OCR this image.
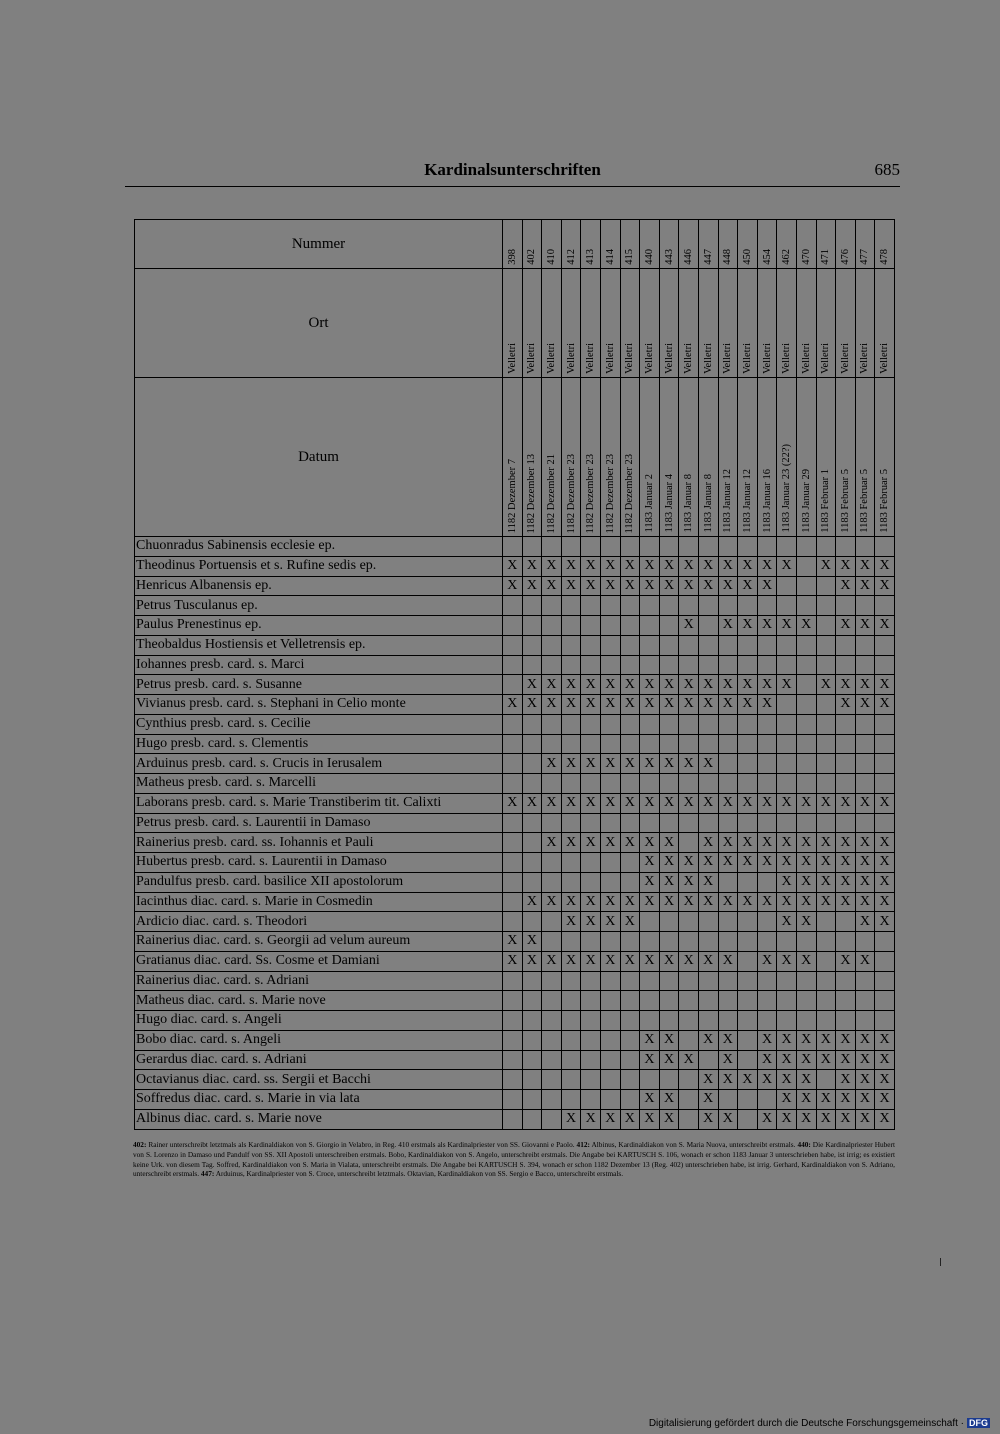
Kardinalsunterschriften	685
Nummer	398	402	410	412	413	414	415	440	443	446	447	448	450	454	462	470	471	476	477	478

Ort	Velletri	Velletri	Velletri	Velletri	Velletri	Velletri	Velletri	Velletri	Velletri	Velletri	Velletri	Velletri	Velletri	Velletri	Velletri	Velletri	Velletri	Velletri	Velletri	Velletri

Datum	1182 Dezember 7	1182 Dezember 13	1182 Dezember 21	1182 Dezember 23	1182 Dezember 23	1182 Dezember 23	1182 Dezember 23	1183 Januar 2	1183 Januar 4	1183 Januar 8	1183 Januar 8	1183 Januar 12	1183 Januar 12	1183 Januar 16	1183 Januar 23 (22?)	1183 Januar 29	1183 Februar 1	1183 Februar 5	1183 Februar 5	1183 Februar 5

Chuonradus Sabinensis ecclesie ep.																				
Theodinus Portuensis et s. Rufine sedis ep.	X	X	X	X	X	X	X	X	X	X	X	X	X	X	X		X	X	X	X
Henricus Albanensis ep.	X	X	X	X	X	X	X	X	X	X	X	X	X	X				X	X	X
Petrus Tusculanus ep.																				
Paulus Prenestinus ep.										X		X	X	X	X	X		X	X	X
Theobaldus Hostiensis et Velletrensis ep.																				
Iohannes presb. card. s. Marci																				
Petrus presb. card. s. Susanne		X	X	X	X	X	X	X	X	X	X	X	X	X	X		X	X	X	X
Vivianus presb. card. s. Stephani in Celio monte	X	X	X	X	X	X	X	X	X	X	X	X	X	X				X	X	X
Cynthius presb. card. s. Cecilie																				
Hugo presb. card. s. Clementis																				
Arduinus presb. card. s. Crucis in Ierusalem			X	X	X	X	X	X	X	X	X									
Matheus presb. card. s. Marcelli																				
Laborans presb. card. s. Marie Transtiberim tit. Calixti	X	X	X	X	X	X	X	X	X	X	X	X	X	X	X	X	X	X	X	X
Petrus presb. card. s. Laurentii in Damaso																				
Rainerius presb. card. ss. Iohannis et Pauli			X	X	X	X	X	X	X		X	X	X	X	X	X	X	X	X	X
Hubertus presb. card. s. Laurentii in Damaso								X	X	X	X	X	X	X	X	X	X	X	X	X
Pandulfus presb. card. basilice XII apostolorum								X	X	X	X				X	X	X	X	X	X
Iacinthus diac. card. s. Marie in Cosmedin		X	X	X	X	X	X	X	X	X	X	X	X	X	X	X	X	X	X	X
Ardicio diac. card. s. Theodori				X	X	X	X								X	X			X	X
Rainerius diac. card. s. Georgii ad velum aureum	X	X																		
Gratianus diac. card. Ss. Cosme et Damiani	X	X	X	X	X	X	X	X	X	X	X	X		X	X	X		X	X	
Rainerius diac. card. s. Adriani																				
Matheus diac. card. s. Marie nove																				
Hugo diac. card. s. Angeli																				
Bobo diac. card. s. Angeli								X	X		X	X		X	X	X	X	X	X	X
Gerardus diac. card. s. Adriani								X	X	X		X		X	X	X	X	X	X	X
Octavianus diac. card. ss. Sergii et Bacchi											X	X	X	X	X	X		X	X	X
Soffredus diac. card. s. Marie in via lata								X	X		X				X	X	X	X	X	X
Albinus diac. card. s. Marie nove				X	X	X	X	X	X		X	X		X	X	X	X	X	X	X
402: Rainer unterschreibt letztmals als Kardinaldiakon von S. Giorgio in Velabro, in Reg. 410 erstmals als Kardinalpriester von SS. Giovanni e Paolo. 412: Albinus, Kardinaldiakon von S. Maria Nuova, unterschreibt erstmals. 440: Die Kardinalpriester Hubert von S. Lorenzo in Damaso und Pandulf von SS. XII Apostoli unterschreiben erstmals. Bobo, Kardinaldiakon von S. Angelo, unterschreibt erstmals. Die Angabe bei KARTUSCH S. 106, wonach er schon 1183 Januar 3 unterschrieben habe, ist irrig; es existiert keine Urk. von diesem Tag. Soffred, Kardinaldiakon von S. Maria in Vialata, unterschreibt erstmals. Die Angabe bei KARTUSCH S. 394, wonach er schon 1182 Dezember 13 (Reg. 402) unterschrieben habe, ist irrig. Gerhard, Kardinaldiakon von S. Adriano, unterschreibt erstmals. 447: Arduinus, Kardinalpriester von S. Croce, unterschreibt letztmals. Oktavian, Kardinaldiakon von SS. Sergio e Bacco, unterschreibt erstmals.
Digitalisierung gefördert durch die Deutsche Forschungsgemeinschaft · DFG
